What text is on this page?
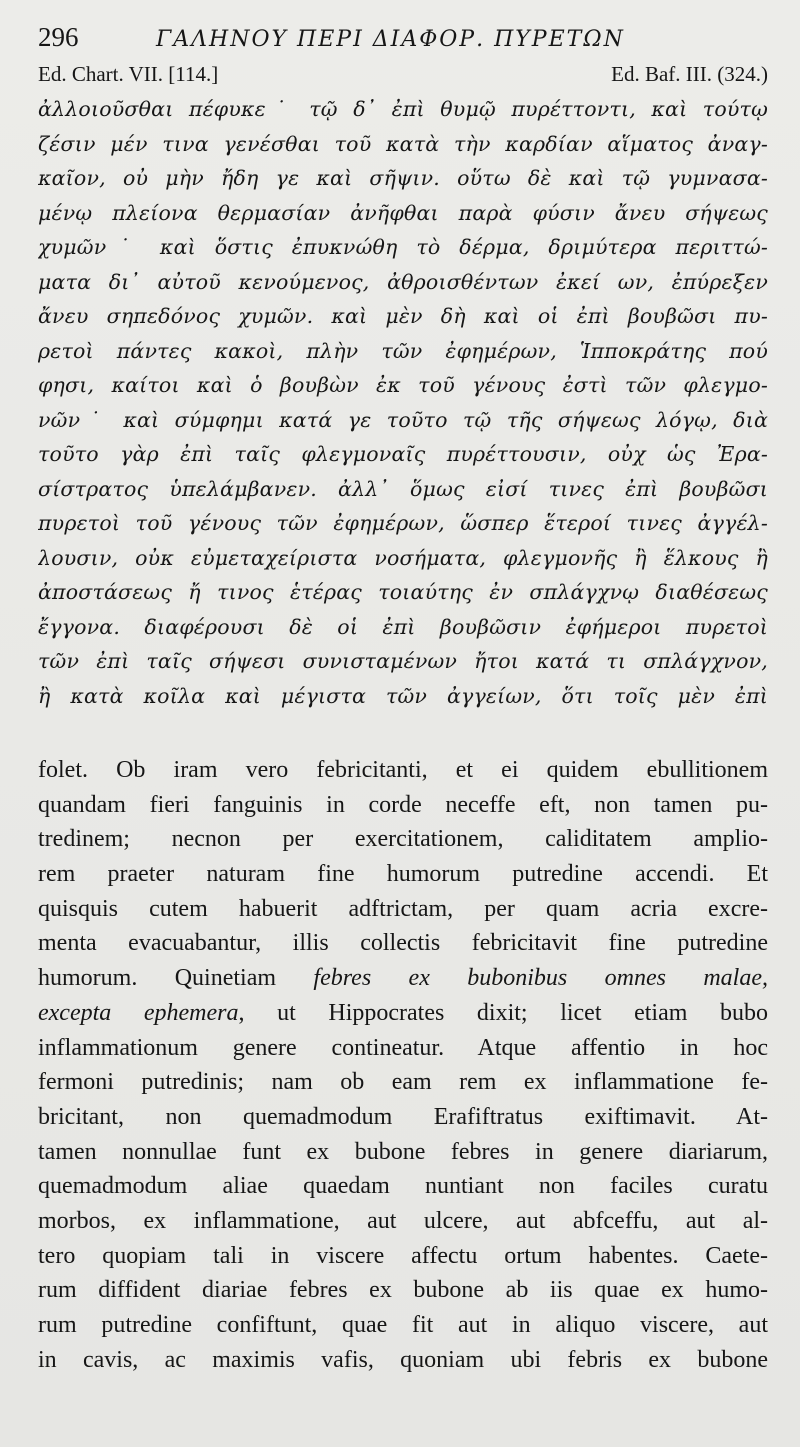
296	ΓΑΛΗΝΟΥ ΠΕΡΙ ΔΙΑΦΟΡ. ΠΥΡΕΤΩΝ
Ed. Chart. VII. [114.]	Ed. Baf. III. (324.)
ἀλλοιοῦσθαι πέφυκε˙ τῷ δ᾽ ἐπὶ θυμῷ πυρέττοντι, καὶ τούτῳ
ζέσιν μέν τινα γενέσθαι τοῦ κατὰ τὴν καρδίαν αἵματος ἀναγ-
καῖον, οὐ μὴν ἤδη γε καὶ σῆψιν. οὕτω δὲ καὶ τῷ γυμνασα-
μένῳ πλείονα θερμασίαν ἀνῆφθαι παρὰ φύσιν ἄνευ σήψεως
χυμῶν˙ καὶ ὅστις ἐπυκνώθη τὸ δέρμα, δριμύτερα περιττώ-
ματα δι᾽ αὐτοῦ κενούμενος, ἀθροισθέντων ἐκεί ων, ἐπύρεξεν
ἄνευ σηπεδόνος χυμῶν. καὶ μὲν δὴ καὶ οἱ ἐπὶ βουβῶσι πυ-
ρετοὶ πάντες κακοὶ, πλὴν τῶν ἐφημέρων, Ἱπποκράτης πού
φησι, καίτοι καὶ ὁ βουβὼν ἐκ τοῦ γένους ἐστὶ τῶν φλεγμο-
νῶν˙ καὶ σύμφημι κατά γε τοῦτο τῷ τῆς σήψεως λόγῳ, διὰ
τοῦτο γὰρ ἐπὶ ταῖς φλεγμοναῖς πυρέττουσιν, οὐχ ὡς Ἐρα-
σίστρατος ὑπελάμβανεν. ἀλλ᾽ ὅμως εἰσί τινες ἐπὶ βουβῶσι
πυρετοὶ τοῦ γένους τῶν ἐφημέρων, ὥσπερ ἕτεροί τινες ἀγγέλ-
λουσιν, οὐκ εὐμεταχείριστα νοσήματα, φλεγμονῆς ἢ ἕλκους ἢ
ἀποστάσεως ἤ τινος ἑτέρας τοιαύτης ἐν σπλάγχνῳ διαθέσεως
ἔγγονα. διαφέρουσι δὲ οἱ ἐπὶ βουβῶσιν ἐφήμεροι πυρετοὶ
τῶν ἐπὶ ταῖς σήψεσι συνισταμένων ἤτοι κατά τι σπλάγχνον,
ἢ κατὰ κοῖλα καὶ μέγιστα τῶν ἀγγείων, ὅτι τοῖς μὲν ἐπὶ
folet. Ob iram vero febricitanti, et ei quidem ebullitionem
quandam fieri fanguinis in corde neceffe eft, non tamen pu-
tredinem; necnon per exercitationem, caliditatem amplio-
rem praeter naturam fine humorum putredine accendi. Et
quisquis cutem habuerit adftrictam, per quam acria excre-
menta evacuabantur, illis collectis febricitavit fine putredine
humorum. Quinetiam febres ex bubonibus omnes malae,
excepta ephemera, ut Hippocrates dixit; licet etiam bubo
inflammationum genere contineatur. Atque affentio in hoc
fermoni putredinis; nam ob eam rem ex inflammatione fe-
bricitant, non quemadmodum Erafiftratus exiftimavit. At-
tamen nonnullae funt ex bubone febres in genere diariarum,
quemadmodum aliae quaedam nuntiant non faciles curatu
morbos, ex inflammatione, aut ulcere, aut abfceffu, aut al-
tero quopiam tali in viscere affectu ortum habentes. Caete-
rum diffident diariae febres ex bubone ab iis quae ex humo-
rum putredine confiftunt, quae fit aut in aliquo viscere, aut
in cavis, ac maximis vafis, quoniam ubi febris ex bubone
